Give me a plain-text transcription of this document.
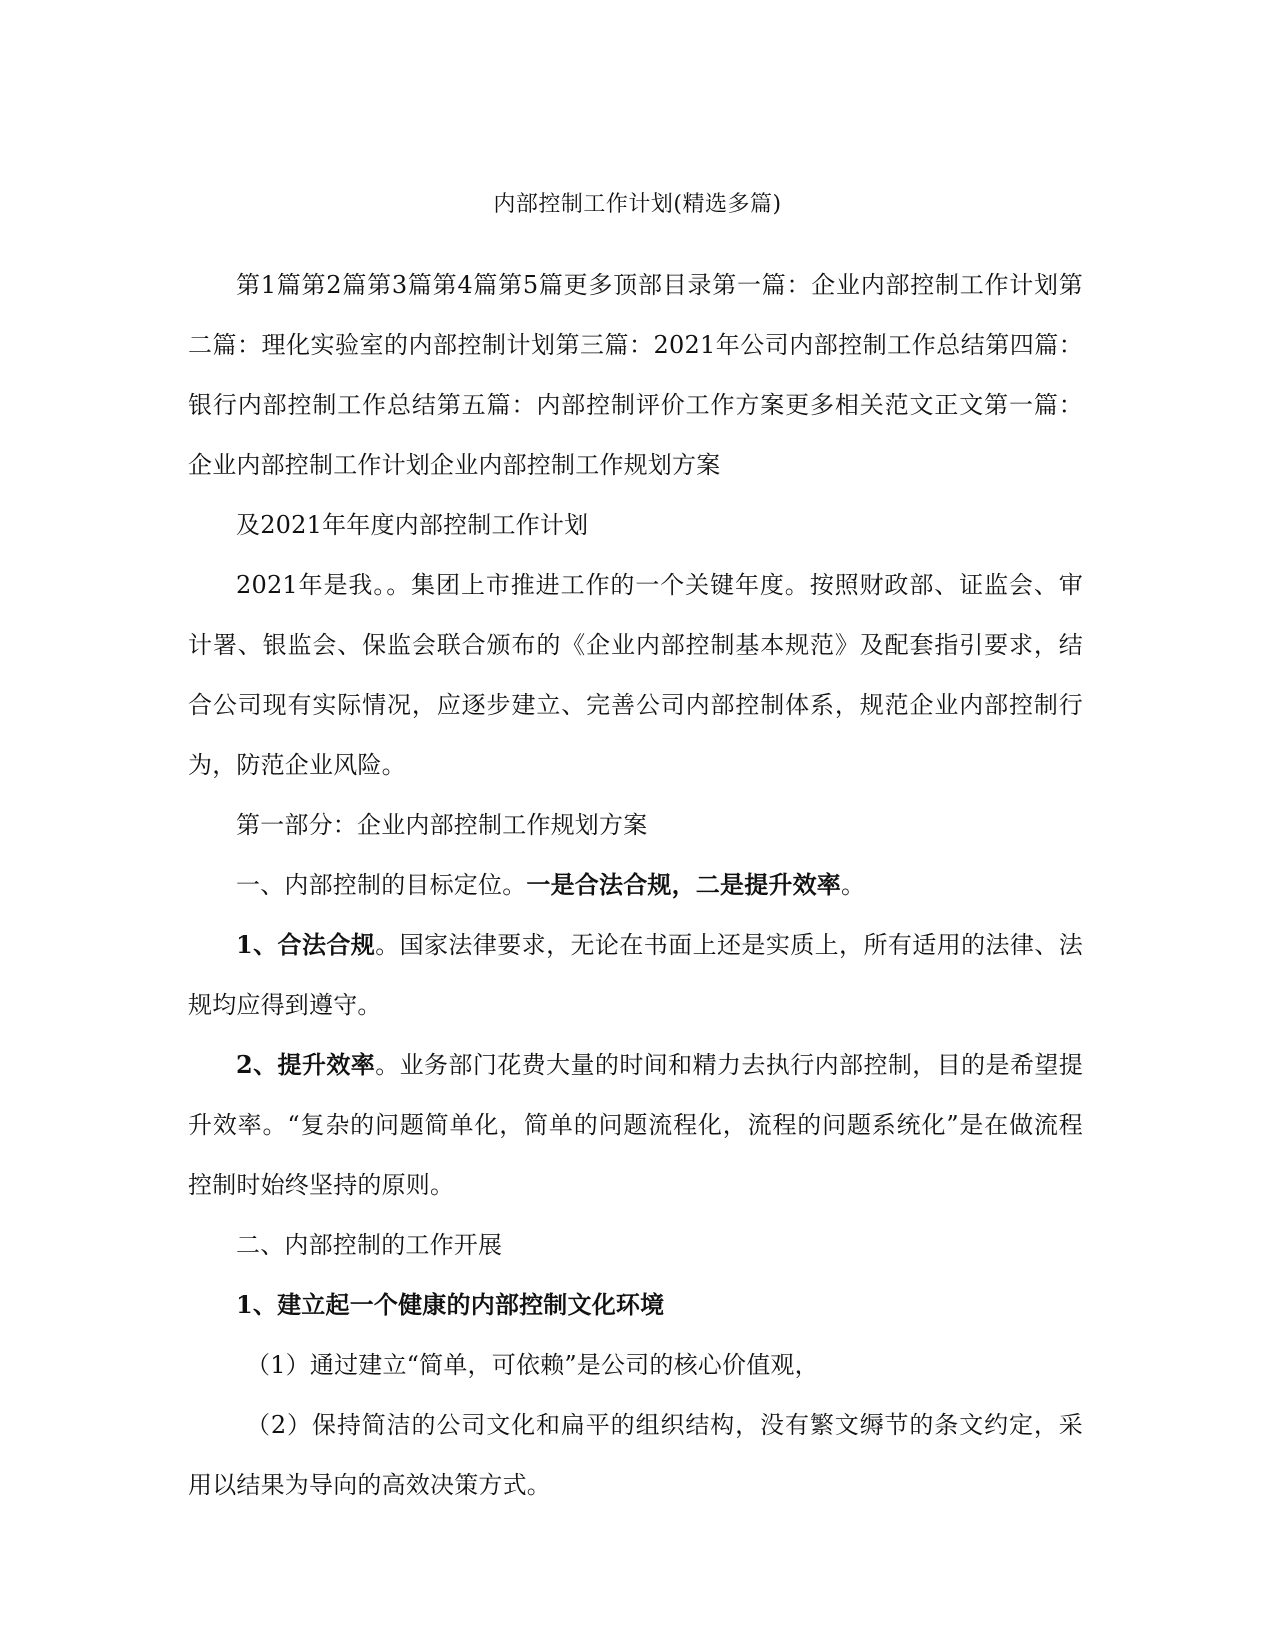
内部控制工作计划(精选多篇)

第1篇第2篇第3篇第4篇第5篇更多顶部目录第一篇：企业内部控制工作计划第二篇：理化实验室的内部控制计划第三篇：2021年公司内部控制工作总结第四篇：银行内部控制工作总结第五篇：内部控制评价工作方案更多相关范文正文第一篇：企业内部控制工作计划企业内部控制工作规划方案

及2021年年度内部控制工作计划

2021年是我。。集团上市推进工作的一个关键年度。按照财政部、证监会、审计署、银监会、保监会联合颁布的《企业内部控制基本规范》及配套指引要求，结合公司现有实际情况，应逐步建立、完善公司内部控制体系，规范企业内部控制行为，防范企业风险。

第一部分：企业内部控制工作规划方案

一、内部控制的目标定位。一是合法合规，二是提升效率。

1、合法合规。国家法律要求，无论在书面上还是实质上，所有适用的法律、法规均应得到遵守。

2、提升效率。业务部门花费大量的时间和精力去执行内部控制，目的是希望提升效率。“复杂的问题简单化，简单的问题流程化，流程的问题系统化”是在做流程控制时始终坚持的原则。

二、内部控制的工作开展

1、建立起一个健康的内部控制文化环境

（1）通过建立“简单，可依赖”是公司的核心价值观，

（2）保持简洁的公司文化和扁平的组织结构，没有繁文缛节的条文约定，采用以结果为导向的高效决策方式。
